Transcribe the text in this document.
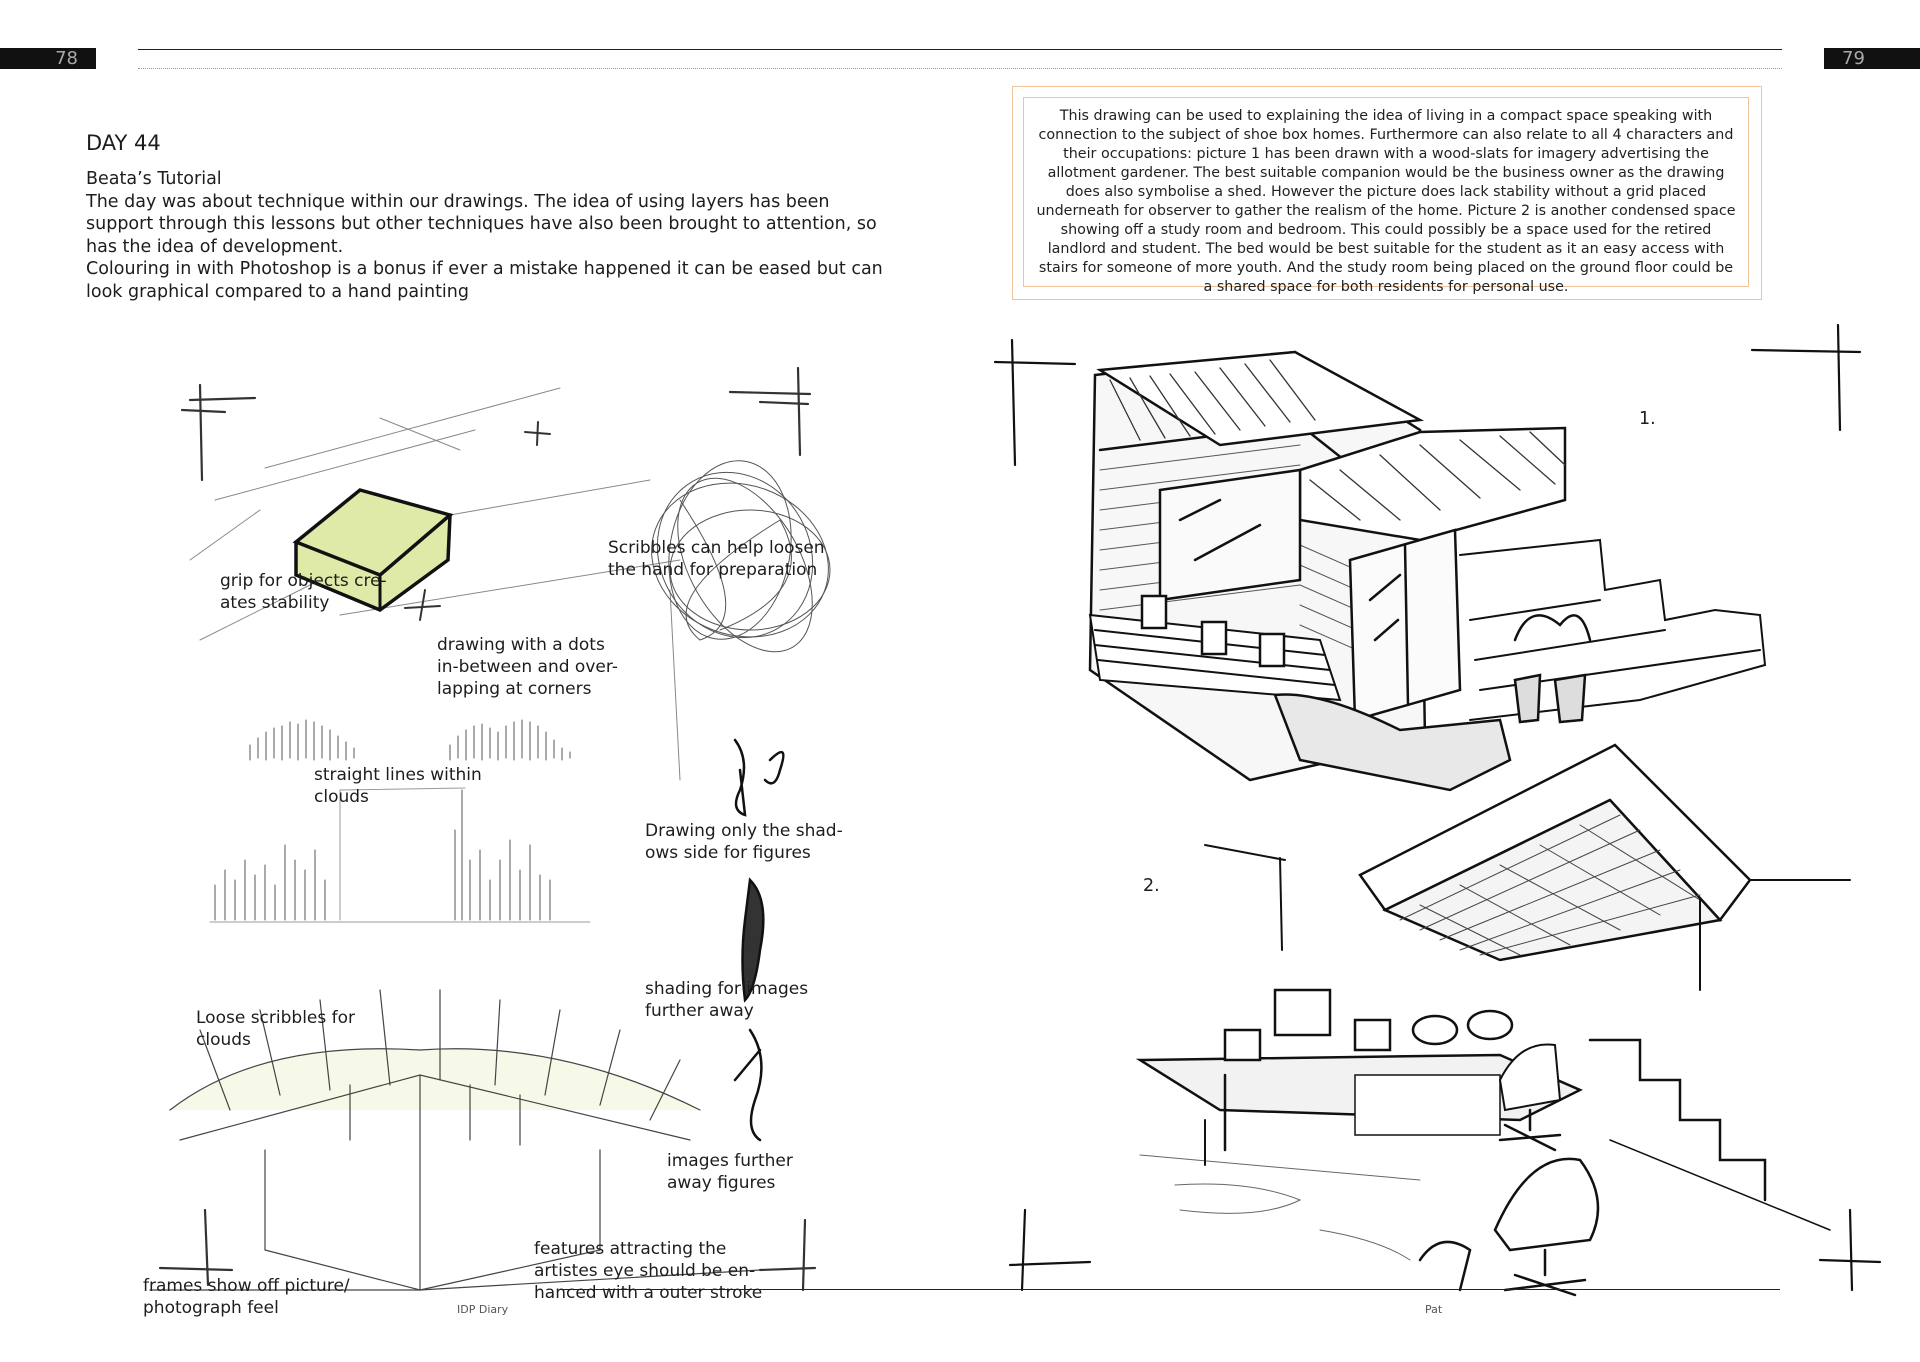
78	79
DAY 44
Beata’s Tutorial
The day was about technique within our drawings. The idea of using layers has been support through this lessons but other techniques have also been brought to attention, so has the idea of development.
Colouring in with Photoshop is a bonus if ever a mistake happened it can be eased but can look graphical compared to a hand painting
This drawing can be used to explaining the idea of living in a compact space speaking with connection to the subject of shoe box homes. Furthermore can also relate to all 4 characters and their occupations: picture 1 has been drawn with a wood-slats for imagery advertising the allotment gardener. The best suitable companion would be the business owner as the drawing does also symbolise a shed. However the picture does lack stability without a grid placed underneath for observer to gather the realism of the home. Picture 2 is another condensed space showing off a study room and bedroom. This could possibly be a space used for the retired landlord and student. The bed would be best suitable for the student as it an easy access with stairs for someone of more youth. And the study room being placed on the ground floor could be a shared space for both residents for personal use.
grip for objects cre-
ates stability
Scribbles can help loosen
the hand for preparation
drawing with a dots
in-between and over-
lapping at corners
straight lines within
clouds
Drawing only the shad-
ows side for figures
shading for images
further away
Loose scribbles for
clouds
images further
away figures
features attracting the
artistes eye should be en-
hanced with a outer stroke
frames show off picture/
photograph feel
1.
2.
IDP Diary	Pat
